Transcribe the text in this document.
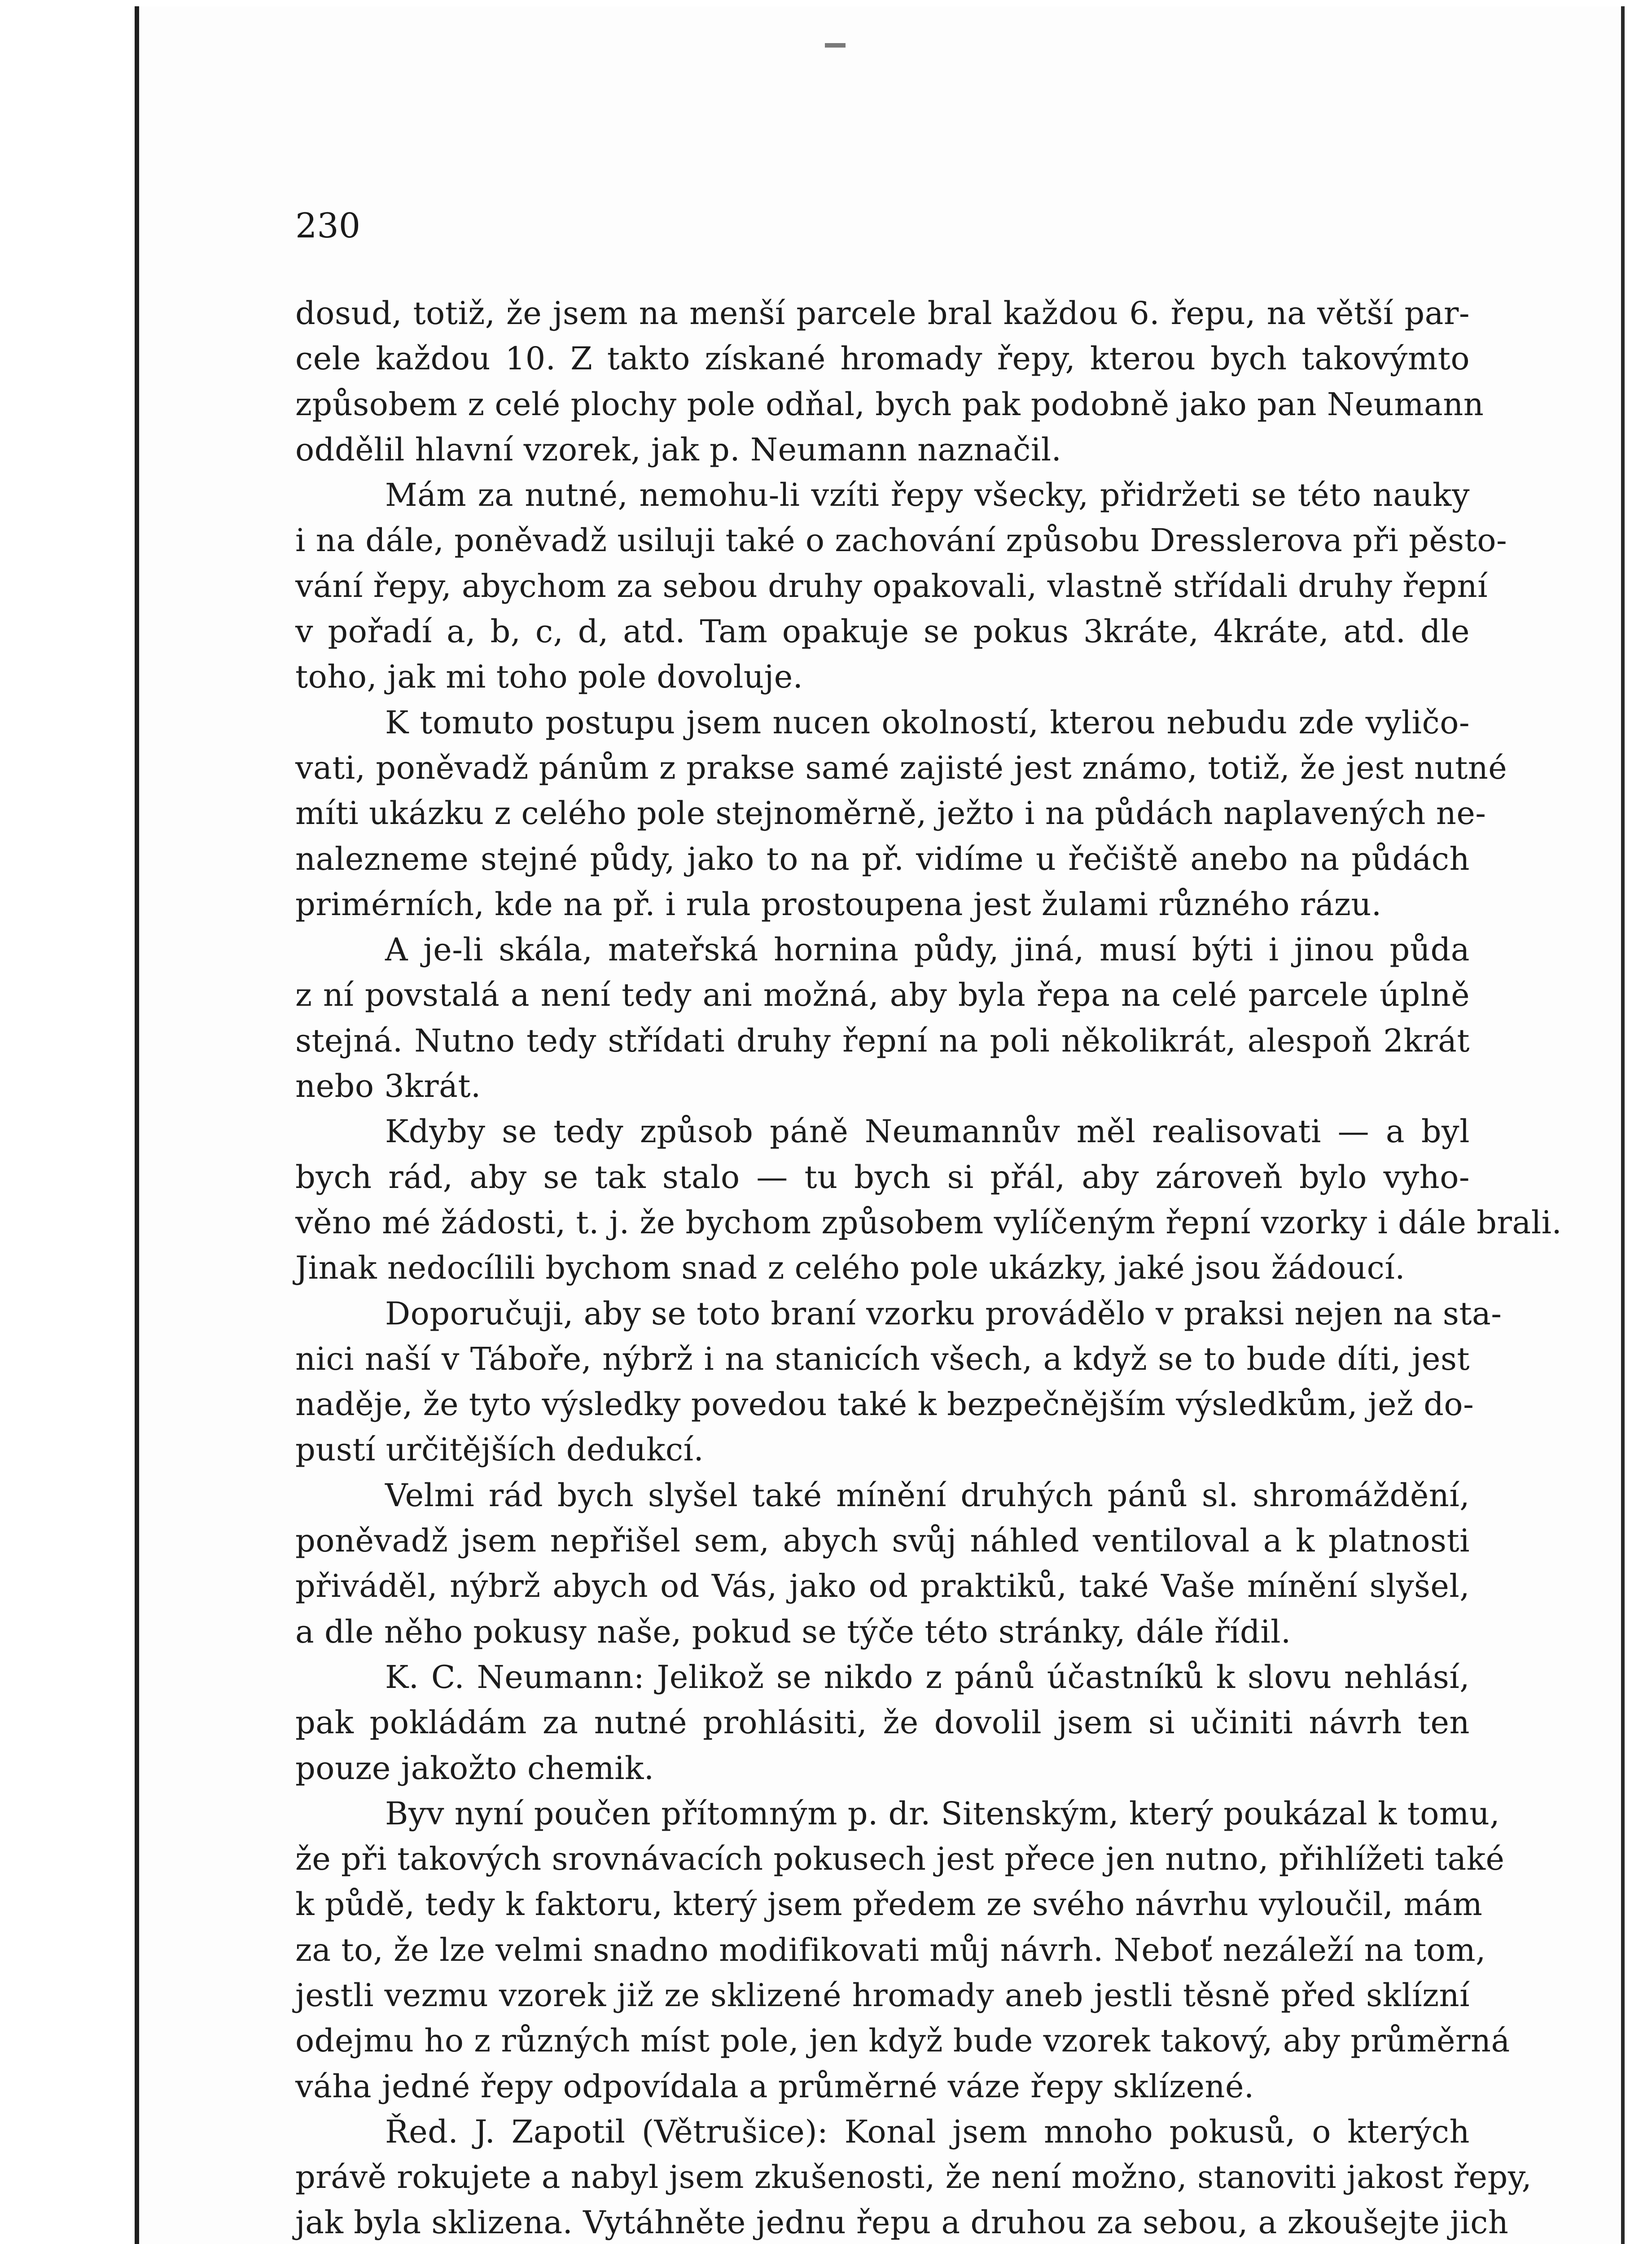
230
dosud, totiž, že jsem na menší parcele bral každou 6. řepu, na větší par-
cele každou 10. Z takto získané hromady řepy, kterou bych takovýmto
způsobem z celé plochy pole odňal, bych pak podobně jako pan Neumann
oddělil hlavní vzorek, jak p. Neumann naznačil.
Mám za nutné, nemohu-li vzíti řepy všecky, přidržeti se této nauky
i na dále, poněvadž usiluji také o zachování způsobu Dresslerova při pěsto-
vání řepy, abychom za sebou druhy opakovali, vlastně střídali druhy řepní
v pořadí a, b, c, d, atd. Tam opakuje se pokus 3kráte, 4kráte, atd. dle
toho, jak mi toho pole dovoluje.
K tomuto postupu jsem nucen okolností, kterou nebudu zde vyličo-
vati, poněvadž pánům z prakse samé zajisté jest známo, totiž, že jest nutné
míti ukázku z celého pole stejnoměrně, ježto i na půdách naplavených ne-
nalezneme stejné půdy, jako to na př. vidíme u řečiště anebo na půdách
primérních, kde na př. i rula prostoupena jest žulami různého rázu.
A je-li skála, mateřská hornina půdy, jiná, musí býti i jinou půda
z ní povstalá a není tedy ani možná, aby byla řepa na celé parcele úplně
stejná. Nutno tedy střídati druhy řepní na poli několikrát, alespoň 2krát
nebo 3krát.
Kdyby se tedy způsob páně Neumannův měl realisovati — a byl
bych rád, aby se tak stalo — tu bych si přál, aby zároveň bylo vyho-
věno mé žádosti, t. j. že bychom způsobem vylíčeným řepní vzorky i dále brali.
Jinak nedocílili bychom snad z celého pole ukázky, jaké jsou žádoucí.
Doporučuji, aby se toto braní vzorku provádělo v praksi nejen na sta-
nici naší v Táboře, nýbrž i na stanicích všech, a když se to bude díti, jest
naděje, že tyto výsledky povedou také k bezpečnějším výsledkům, jež do-
pustí určitějších dedukcí.
Velmi rád bych slyšel také mínění druhých pánů sl. shromáždění,
poněvadž jsem nepřišel sem, abych svůj náhled ventiloval a k platnosti
přiváděl, nýbrž abych od Vás, jako od praktiků, také Vaše mínění slyšel,
a dle něho pokusy naše, pokud se týče této stránky, dále řídil.
K. C. Neumann: Jelikož se nikdo z pánů účastníků k slovu nehlásí,
pak pokládám za nutné prohlásiti, že dovolil jsem si učiniti návrh ten
pouze jakožto chemik.
Byv nyní poučen přítomným p. dr. Sitenským, který poukázal k tomu,
že při takových srovnávacích pokusech jest přece jen nutno, přihlížeti také
k půdě, tedy k faktoru, který jsem předem ze svého návrhu vyloučil, mám
za to, že lze velmi snadno modifikovati můj návrh. Neboť nezáleží na tom,
jestli vezmu vzorek již ze sklizené hromady aneb jestli těsně před sklízní
odejmu ho z různých míst pole, jen když bude vzorek takový, aby průměrná
váha jedné řepy odpovídala a průměrné váze řepy sklízené.
Řed. J. Zapotil (Větrušice): Konal jsem mnoho pokusů, o kterých
právě rokujete a nabyl jsem zkušenosti, že není možno, stanoviti jakost řepy,
jak byla sklizena. Vytáhněte jednu řepu a druhou za sebou, a zkoušejte jich
